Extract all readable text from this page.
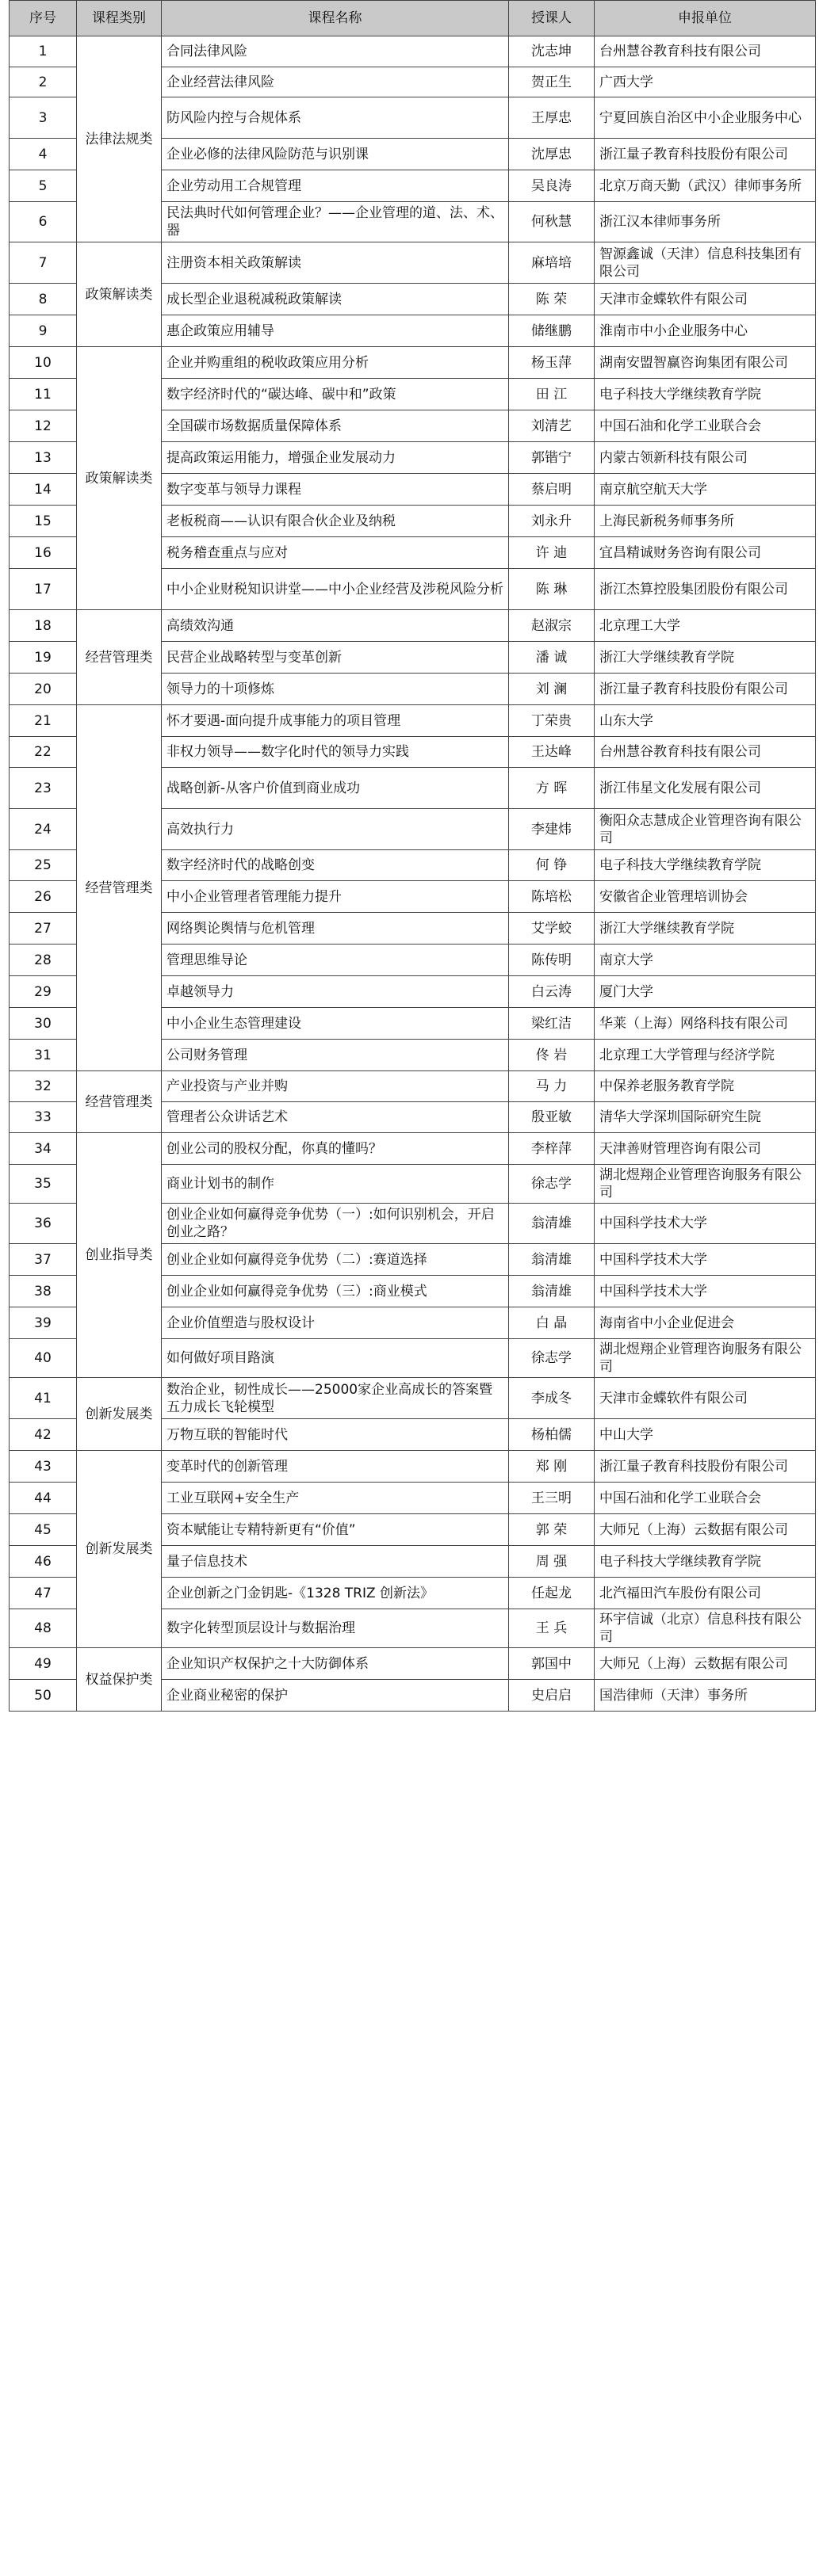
序号	课程类别	课程名称	授课人	申报单位
1	法律法规类	合同法律风险	沈志坤	台州慧谷教育科技有限公司
2		企业经营法律风险	贺正生	广西大学
3		防风险内控与合规体系	王厚忠	宁夏回族自治区中小企业服务中心
4		企业必修的法律风险防范与识别课	沈厚忠	浙江量子教育科技股份有限公司
5		企业劳动用工合规管理	吴良涛	北京万商天勤（武汉）律师事务所
6		民法典时代如何管理企业？——企业管理的道、法、术、器	何秋慧	浙江汉本律师事务所
7	政策解读类	注册资本相关政策解读	麻培培	智源鑫诚（天津）信息科技集团有限公司
8		成长型企业退税减税政策解读	陈 荣	天津市金蝶软件有限公司
9		惠企政策应用辅导	储继鹏	淮南市中小企业服务中心
10	政策解读类	企业并购重组的税收政策应用分析	杨玉萍	湖南安盟智赢咨询集团有限公司
11		数字经济时代的“碳达峰、碳中和”政策	田 江	电子科技大学继续教育学院
12		全国碳市场数据质量保障体系	刘清艺	中国石油和化学工业联合会
13		提高政策运用能力，增强企业发展动力	郭锴宁	内蒙古领新科技有限公司
14		数字变革与领导力课程	蔡启明	南京航空航天大学
15		老板税商——认识有限合伙企业及纳税	刘永升	上海民新税务师事务所
16		税务稽查重点与应对	许 迪	宜昌精诚财务咨询有限公司
17		中小企业财税知识讲堂——中小企业经营及涉税风险分析	陈 琳	浙江杰算控股集团股份有限公司
18	经营管理类	高绩效沟通	赵淑宗	北京理工大学
19		民营企业战略转型与变革创新	潘 诚	浙江大学继续教育学院
20		领导力的十项修炼	刘 澜	浙江量子教育科技股份有限公司
21	经营管理类	怀才要遇-面向提升成事能力的项目管理	丁荣贵	山东大学
22		非权力领导——数字化时代的领导力实践	王达峰	台州慧谷教育科技有限公司
23		战略创新-从客户价值到商业成功	方 晖	浙江伟星文化发展有限公司
24		高效执行力	李建炜	衡阳众志慧成企业管理咨询有限公司
25		数字经济时代的战略创变	何 铮	电子科技大学继续教育学院
26		中小企业管理者管理能力提升	陈培松	安徽省企业管理培训协会
27		网络舆论舆情与危机管理	艾学蛟	浙江大学继续教育学院
28		管理思维导论	陈传明	南京大学
29		卓越领导力	白云涛	厦门大学
30		中小企业生态管理建设	梁红洁	华莱（上海）网络科技有限公司
31		公司财务管理	佟 岩	北京理工大学管理与经济学院
32	经营管理类	产业投资与产业并购	马 力	中保养老服务教育学院
33		管理者公众讲话艺术	殷亚敏	清华大学深圳国际研究生院
34	创业指导类	创业公司的股权分配，你真的懂吗？	李梓萍	天津善财管理咨询有限公司
35		商业计划书的制作	徐志学	湖北煜翔企业管理咨询服务有限公司
36		创业企业如何赢得竞争优势（一）:如何识别机会，开启创业之路？	翁清雄	中国科学技术大学
37		创业企业如何赢得竞争优势（二）:赛道选择	翁清雄	中国科学技术大学
38		创业企业如何赢得竞争优势（三）:商业模式	翁清雄	中国科学技术大学
39		企业价值塑造与股权设计	白 晶	海南省中小企业促进会
40		如何做好项目路演	徐志学	湖北煜翔企业管理咨询服务有限公司
41	创新发展类	数治企业，韧性成长——25000家企业高成长的答案暨五力成长飞轮模型	李成冬	天津市金蝶软件有限公司
42		万物互联的智能时代	杨柏儒	中山大学
43	创新发展类	变革时代的创新管理	郑 刚	浙江量子教育科技股份有限公司
44		工业互联网+安全生产	王三明	中国石油和化学工业联合会
45		资本赋能让专精特新更有“价值”	郭 荣	大师兄（上海）云数据有限公司
46		量子信息技术	周 强	电子科技大学继续教育学院
47		企业创新之门金钥匙-《1328 TRIZ 创新法》	任起龙	北汽福田汽车股份有限公司
48		数字化转型顶层设计与数据治理	王 兵	环宇信诚（北京）信息科技有限公司
49	权益保护类	企业知识产权保护之十大防御体系	郭国中	大师兄（上海）云数据有限公司
50		企业商业秘密的保护	史启启	国浩律师（天津）事务所
